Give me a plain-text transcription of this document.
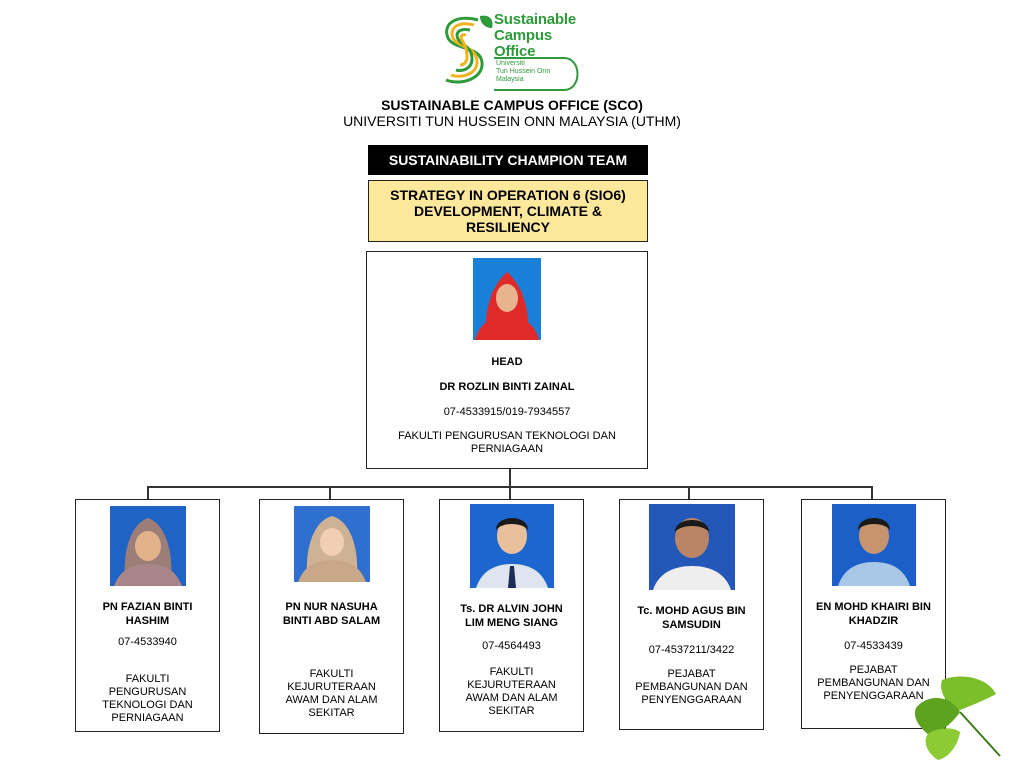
Sustainable
Campus
Office
Universiti
Tun Hussein Onn
Malaysia
SUSTAINABLE CAMPUS OFFICE (SCO)
UNIVERSITI TUN HUSSEIN ONN MALAYSIA (UTHM)
SUSTAINABILITY CHAMPION TEAM
STRATEGY IN OPERATION 6 (SIO6)
DEVELOPMENT, CLIMATE &
RESILIENCY
HEAD
DR ROZLIN BINTI ZAINAL
07-4533915/019-7934557
FAKULTI PENGURUSAN TEKNOLOGI DAN
PERNIAGAAN
PN FAZIAN BINTI
HASHIM
07-4533940
FAKULTI
PENGURUSAN
TEKNOLOGI DAN
PERNIAGAAN
PN NUR NASUHA
BINTI ABD SALAM
FAKULTI
KEJURUTERAAN
AWAM DAN ALAM
SEKITAR
Ts. DR ALVIN JOHN
LIM MENG SIANG
07-4564493
FAKULTI
KEJURUTERAAN
AWAM DAN ALAM
SEKITAR
Tc. MOHD AGUS BIN
SAMSUDIN
07-4537211/3422
PEJABAT
PEMBANGUNAN DAN
PENYENGGARAAN
EN MOHD KHAIRI BIN
KHADZIR
07-4533439
PEJABAT
PEMBANGUNAN DAN
PENYENGGARAAN
